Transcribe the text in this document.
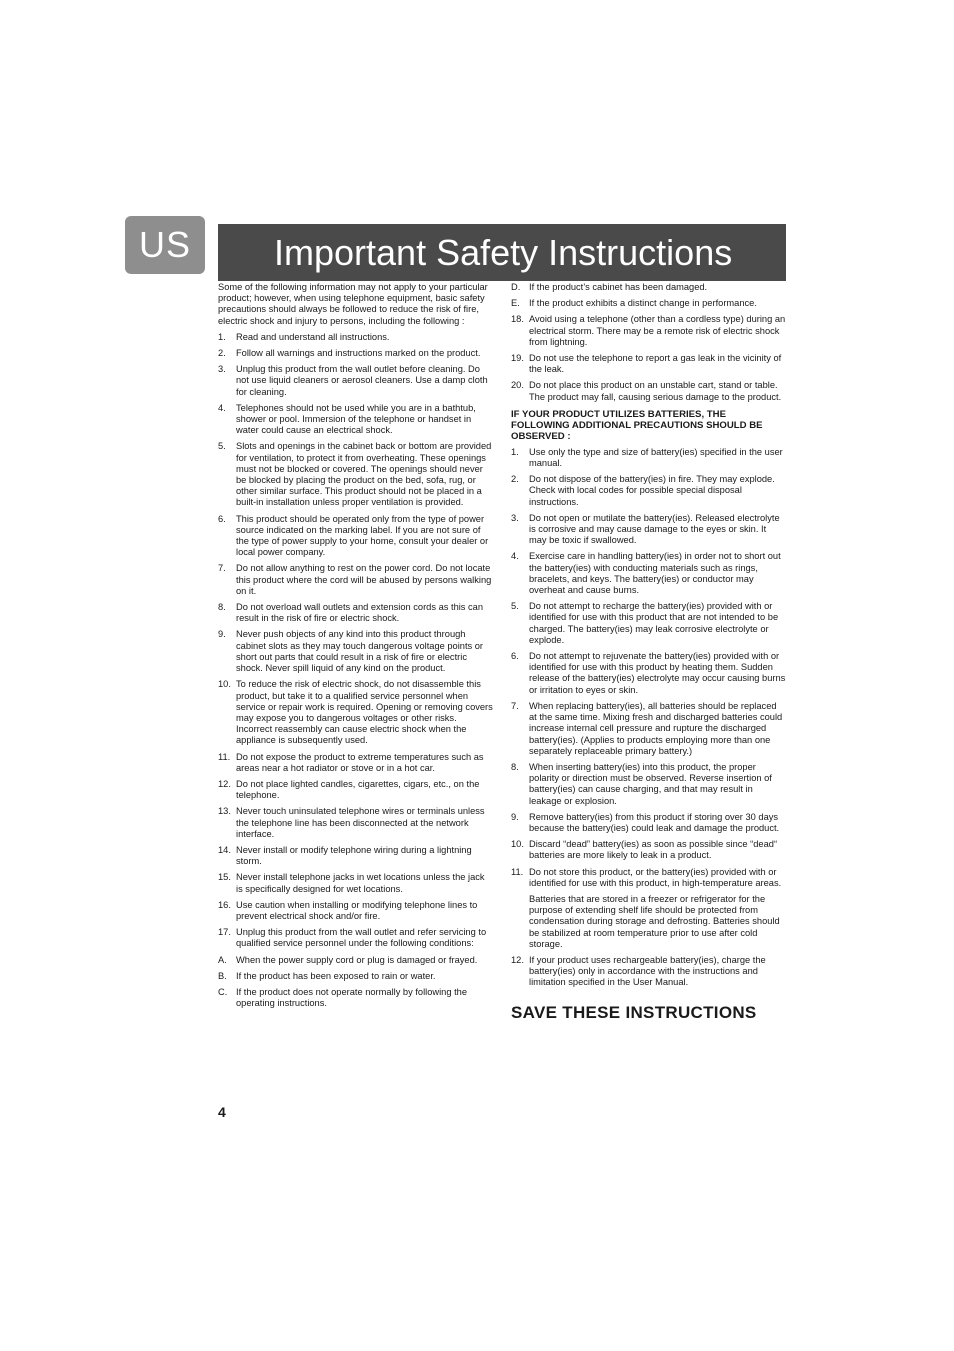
US	Important Safety Instructions

Some of the following information may not apply to your particular product; however, when using telephone equipment, basic safety precautions should always be followed to reduce the risk of fire, electric shock and injury to persons, including the following :

1. Read and understand all instructions.
2. Follow all warnings and instructions marked on the product.
3. Unplug this product from the wall outlet before cleaning. Do not use liquid cleaners or aerosol cleaners. Use a damp cloth for cleaning.
4. Telephones should not be used while you are in a bathtub, shower or pool. Immersion of the telephone or handset in water could cause an electrical shock.
5. Slots and openings in the cabinet back or bottom are provided for ventilation, to protect it from overheating. These openings must not be blocked or covered. The openings should never be blocked by placing the product on the bed, sofa, rug, or other similar surface. This product should not be placed in a built-in installation unless proper ventilation is provided.
6. This product should be operated only from the type of power source indicated on the marking label. If you are not sure of the type of power supply to your home, consult your dealer or local power company.
7. Do not allow anything to rest on the power cord. Do not locate this product where the cord will be abused by persons walking on it.
8. Do not overload wall outlets and extension cords as this can result in the risk of fire or electric shock.
9. Never push objects of any kind into this product through cabinet slots as they may touch dangerous voltage points or short out parts that could result in a risk of fire or electric shock. Never spill liquid of any kind on the product.
10. To reduce the risk of electric shock, do not disassemble this product, but take it to a qualified service personnel when service or repair work is required. Opening or removing covers may expose you to dangerous voltages or other risks. Incorrect reassembly can cause electric shock when the appliance is subsequently used.
11. Do not expose the product to extreme temperatures such as areas near a hot radiator or stove or in a hot car.
12. Do not place lighted candles, cigarettes, cigars, etc., on the telephone.
13. Never touch uninsulated telephone wires or terminals unless the telephone line has been disconnected at the network interface.
14. Never install or modify telephone wiring during a lightning storm.
15. Never install telephone jacks in wet locations unless the jack is specifically designed for wet locations.
16. Use caution when installing or modifying telephone lines to prevent electrical shock and/or fire.
17. Unplug this product from the wall outlet and refer servicing to qualified service personnel under the following conditions:
A. When the power supply cord or plug is damaged or frayed.
B. If the product has been exposed to rain or water.
C. If the product does not operate normally by following the operating instructions.
D. If the product’s cabinet has been damaged.
E. If the product exhibits a distinct change in performance.
18. Avoid using a telephone (other than a cordless type) during an electrical storm. There may be a remote risk of electric shock from lightning.
19. Do not use the telephone to report a gas leak in the vicinity of the leak.
20. Do not place this product on an unstable cart, stand or table. The product may fall, causing serious damage to the product.
IF YOUR PRODUCT UTILIZES BATTERIES, THE FOLLOWING ADDITIONAL PRECAUTIONS SHOULD BE OBSERVED :
1. Use only the type and size of battery(ies) specified in the user manual.
2. Do not dispose of the battery(ies) in fire. They may explode. Check with local codes for possible special disposal instructions.
3. Do not open or mutilate the battery(ies). Released electrolyte is corrosive and may cause damage to the eyes or skin. It may be toxic if swallowed.
4. Exercise care in handling battery(ies) in order not to short out the battery(ies) with conducting materials such as rings, bracelets, and keys. The battery(ies) or conductor may overheat and cause burns.
5. Do not attempt to recharge the battery(ies) provided with or identified for use with this product that are not intended to be charged. The battery(ies) may leak corrosive electrolyte or explode.
6. Do not attempt to rejuvenate the battery(ies) provided with or identified for use with this product by heating them. Sudden release of the battery(ies) electrolyte may occur causing burns or irritation to eyes or skin.
7. When replacing battery(ies), all batteries should be replaced at the same time. Mixing fresh and discharged batteries could increase internal cell pressure and rupture the discharged battery(ies). (Applies to products employing more than one separately replaceable primary battery.)
8. When inserting battery(ies) into this product, the proper polarity or direction must be observed. Reverse insertion of battery(ies) can cause charging, and that may result in leakage or explosion.
9. Remove battery(ies) from this product if storing over 30 days because the battery(ies) could leak and damage the product.
10. Discard “dead” battery(ies) as soon as possible since “dead“ batteries are more likely to leak in a product.
11. Do not store this product, or the battery(ies) provided with or identified for use with this product, in high-temperature areas.

Batteries that are stored in a freezer or refrigerator for the purpose of extending shelf life should be protected from condensation during storage and defrosting. Batteries should be stabilized at room temperature prior to use after cold storage.

12. If your product uses rechargeable battery(ies), charge the battery(ies) only in accordance with the instructions and limitation specified in the User Manual.
SAVE THESE INSTRUCTIONS
4
